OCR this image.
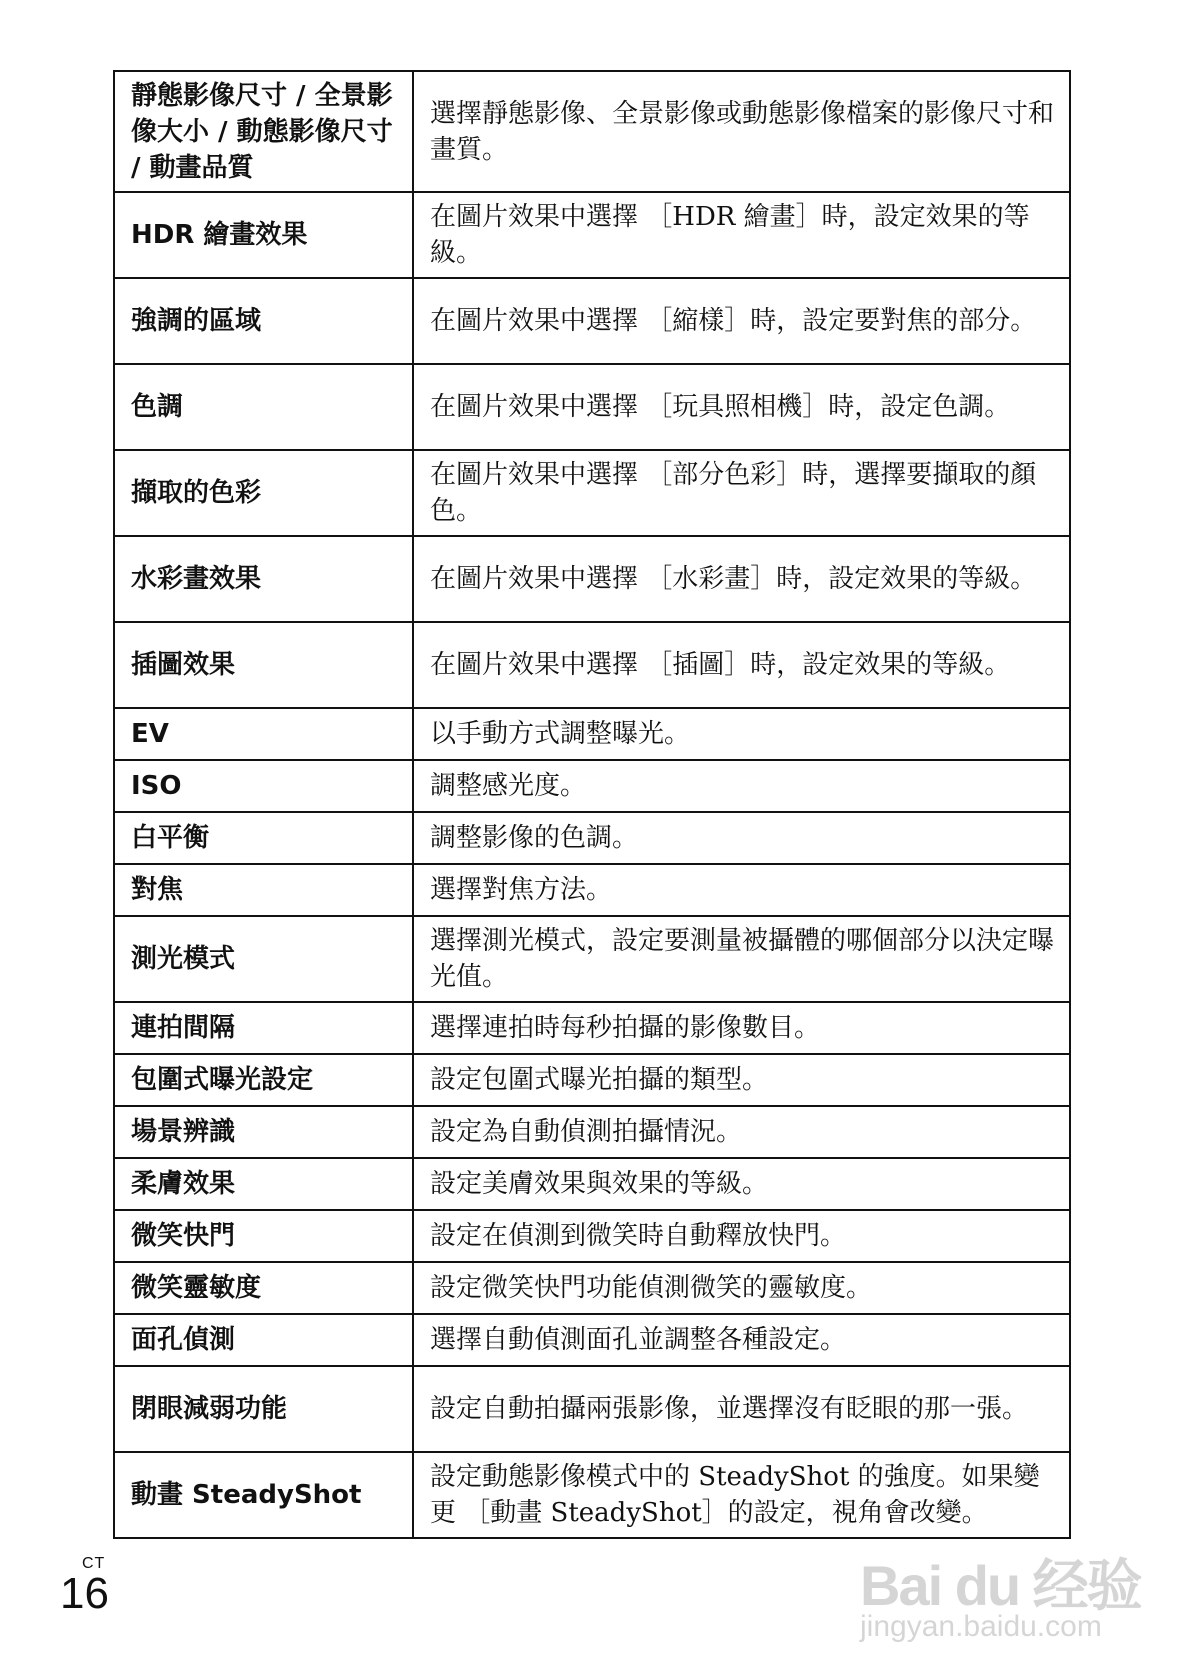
靜態影像尺寸 / 全景影像大小 / 動態影像尺寸 / 動畫品質	選擇靜態影像、全景影像或動態影像檔案的影像尺寸和畫質。
HDR 繪畫效果	在圖片效果中選擇 ［HDR 繪畫］時，設定效果的等級。
強調的區域	在圖片效果中選擇 ［縮樣］時，設定要對焦的部分。
色調	在圖片效果中選擇 ［玩具照相機］時，設定色調。
擷取的色彩	在圖片效果中選擇 ［部分色彩］時，選擇要擷取的顏色。
水彩畫效果	在圖片效果中選擇 ［水彩畫］時，設定效果的等級。
插圖效果	在圖片效果中選擇 ［插圖］時，設定效果的等級。
EV	以手動方式調整曝光。
ISO	調整感光度。
白平衡	調整影像的色調。
對焦	選擇對焦方法。
測光模式	選擇測光模式，設定要測量被攝體的哪個部分以決定曝光值。
連拍間隔	選擇連拍時每秒拍攝的影像數目。
包圍式曝光設定	設定包圍式曝光拍攝的類型。
場景辨識	設定為自動偵測拍攝情況。
柔膚效果	設定美膚效果與效果的等級。
微笑快門	設定在偵測到微笑時自動釋放快門。
微笑靈敏度	設定微笑快門功能偵測微笑的靈敏度。
面孔偵測	選擇自動偵測面孔並調整各種設定。
閉眼減弱功能	設定自動拍攝兩張影像，並選擇沒有眨眼的那一張。
動畫 SteadyShot	設定動態影像模式中的 SteadyShot 的強度。如果變更 ［動畫 SteadyShot］的設定，視角會改變。
CT
16	Bai du 经验
jingyan.baidu.com
